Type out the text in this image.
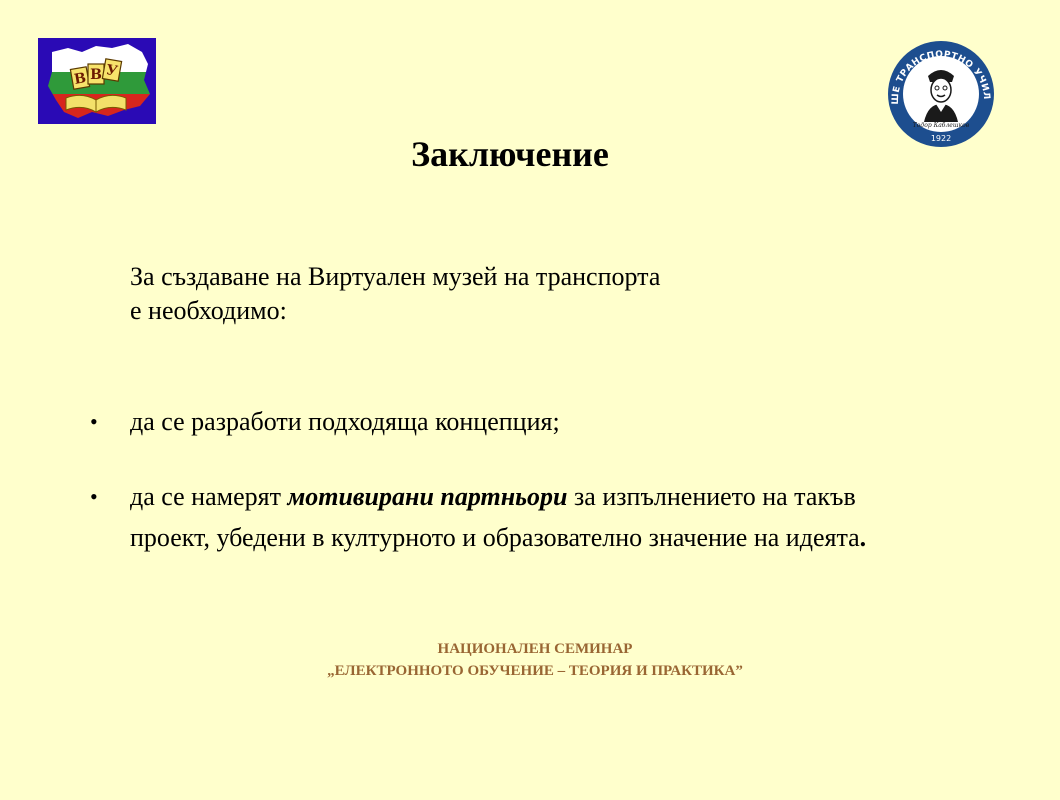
В В У
ШЕ ТРАНСПОРТНО УЧИЛ
Тодор Каблешков
1922
Заключение
За създаване на Виртуален музей на транспорта
е необходимо:
• да се разработи подходяща концепция;
• да се намерят мотивирани партньори за изпълнението на такъв
проект, убедени в културното и образователно значение на идеята.
НАЦИОНАЛЕН СЕМИНАР
„ЕЛЕКТРОННОТО ОБУЧЕНИЕ – ТЕОРИЯ И ПРАКТИКА”
